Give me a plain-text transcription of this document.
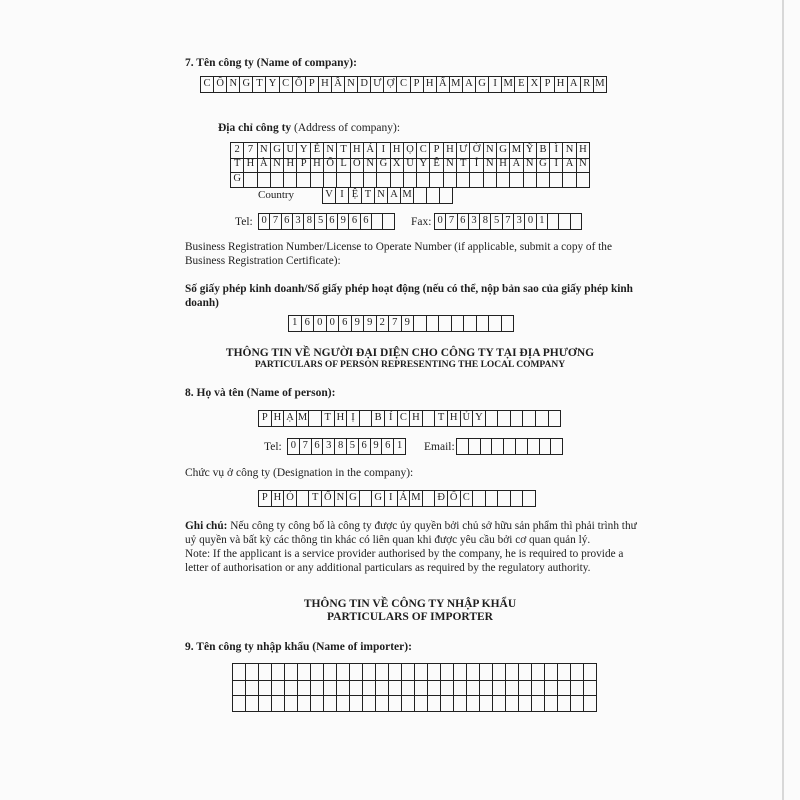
7. Tên công ty (Name of company):
C Ô N G T Y C Ổ P H Ầ N D Ư Ợ C P H Ẩ M A G I M E X P H A R M
Địa chỉ công ty (Address of company):
2 7 N G U Y Ễ N T H Á I H Ọ C P H Ư Ờ N G M Ỹ B Ì N H
T H À N H P H Ố L O N G X U Y Ê N T Ỉ N H A N G I A N
G
Country	V I Ệ T N A M
Tel: 0 7 6 3 8 5 6 9 6 6	Fax: 0 7 6 3 8 5 7 3 0 1
Business Registration Number/License to Operate Number (if applicable, submit a copy of the
Business Registration Certificate):
Số giấy phép kinh doanh/Số giấy phép hoạt động (nếu có thể, nộp bản sao của giấy phép kinh
doanh)
1 6 0 0 6 9 9 2 7 9
THÔNG TIN VỀ NGƯỜI ĐẠI DIỆN CHO CÔNG TY TẠI ĐỊA PHƯƠNG
PARTICULARS OF PERSON REPRESENTING THE LOCAL COMPANY
8. Họ và tên (Name of person):
P H Ạ M T H Ị	B Í C H T H Ủ Y
Tel: 0 7 6 3 8 5 6 9 6 1	Email:
Chức vụ ở công ty (Designation in the company):
P H Ó T Ổ N G G I Á M Đ Ố C
Ghi chú: Nếu công ty công bố là công ty được ủy quyền bởi chủ sở hữu sản phẩm thì phải trình thư
uỷ quyền và bất kỳ các thông tin khác có liên quan khi được yêu cầu bởi cơ quan quản lý.
Note: If the applicant is a service provider authorised by the company, he is required to provide a
letter of authorisation or any additional particulars as required by the regulatory authority.
THÔNG TIN VỀ CÔNG TY NHẬP KHẨU
PARTICULARS OF IMPORTER
9. Tên công ty nhập khẩu (Name of importer):
